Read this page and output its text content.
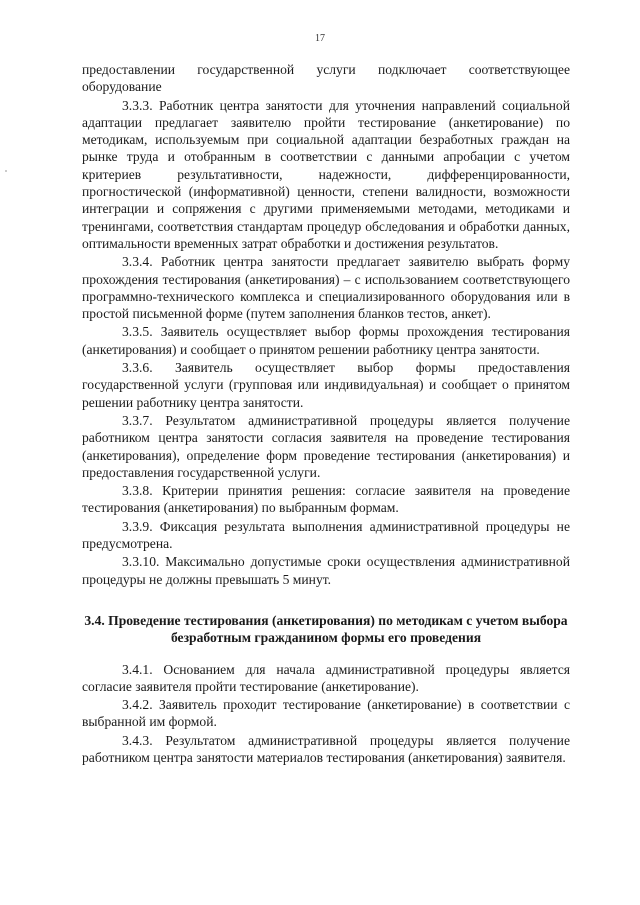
17

предоставлении государственной услуги подключает соответствующее оборудование

3.3.3. Работник центра занятости для уточнения направлений социальной адаптации предлагает заявителю пройти тестирование (анкетирование) по методикам, используемым при социальной адаптации безработных граждан на рынке труда и отобранным в соответствии с данными апробации с учетом критериев результативности, надежности, дифференцированности, прогностической (информативной) ценности, степени валидности, возможности интеграции и сопряжения с другими применяемыми методами, методиками и тренингами, соответствия стандартам процедур обследования и обработки данных, оптимальности временных затрат обработки и достижения результатов.

3.3.4. Работник центра занятости предлагает заявителю выбрать форму прохождения тестирования (анкетирования) – с использованием соответствующего программно-технического комплекса и специализированного оборудования или в простой письменной форме (путем заполнения бланков тестов, анкет).

3.3.5. Заявитель осуществляет выбор формы прохождения тестирования (анкетирования) и сообщает о принятом решении работнику центра занятости.

3.3.6. Заявитель осуществляет выбор формы предоставления государственной услуги (групповая или индивидуальная) и сообщает о принятом решении работнику центра занятости.

3.3.7. Результатом административной процедуры является получение работником центра занятости согласия заявителя на проведение тестирования (анкетирования), определение форм проведение тестирования (анкетирования) и предоставления государственной услуги.

3.3.8. Критерии принятия решения: согласие заявителя на проведение тестирования (анкетирования) по выбранным формам.

3.3.9. Фиксация результата выполнения административной процедуры не предусмотрена.

3.3.10. Максимально допустимые сроки осуществления административной процедуры не должны превышать 5 минут.

3.4. Проведение тестирования (анкетирования) по методикам с учетом выбора безработным гражданином формы его проведения

3.4.1. Основанием для начала административной процедуры является согласие заявителя пройти тестирование (анкетирование).

3.4.2. Заявитель проходит тестирование (анкетирование) в соответствии с выбранной им формой.

3.4.3. Результатом административной процедуры является получение работником центра занятости материалов тестирования (анкетирования) заявителя.
